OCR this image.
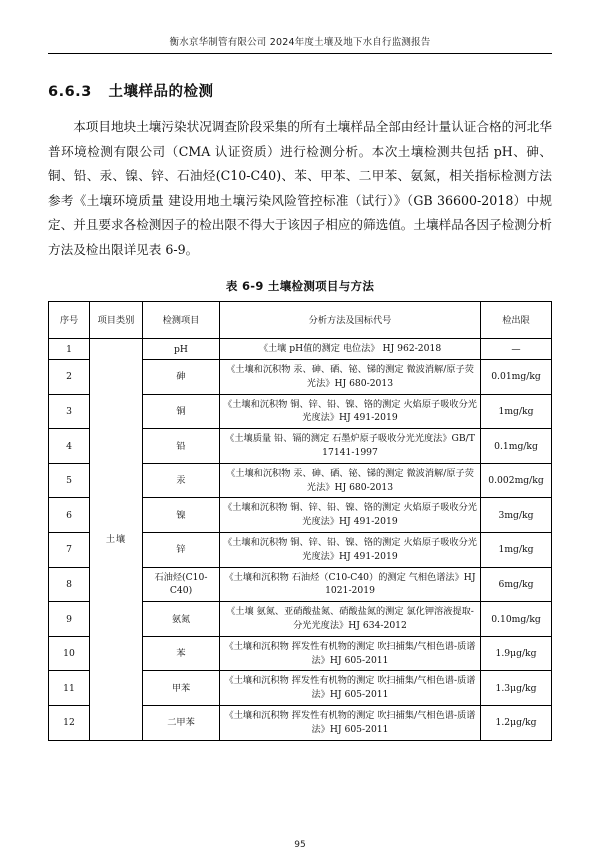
衡水京华制管有限公司 2024年度土壤及地下水自行监测报告
6.6.3 土壤样品的检测
本项目地块土壤污染状况调查阶段采集的所有土壤样品全部由经计量认证合格的河北华普环境检测有限公司（CMA 认证资质）进行检测分析。本次土壤检测共包括 pH、砷、铜、铅、汞、镍、锌、石油烃(C10-C40)、苯、甲苯、二甲苯、氨氮，相关指标检测方法参考《土壤环境质量 建设用地土壤污染风险管控标准（试行）》（GB 36600-2018）中规定、并且要求各检测因子的检出限不得大于该因子相应的筛选值。土壤样品各因子检测分析方法及检出限详见表 6-9。
表 6-9 土壤检测项目与方法
序号	项目类别	检测项目	分析方法及国标代号	检出限
1	土壤	pH	《土壤 pH值的测定 电位法》 HJ 962-2018	—
2		砷	《土壤和沉积物 汞、砷、硒、铋、锑的测定 微波消解/原子荧光法》HJ 680-2013	0.01mg/kg
3		铜	《土壤和沉积物 铜、锌、铅、镍、铬的测定 火焰原子吸收分光光度法》HJ 491-2019	1mg/kg
4		铅	《土壤质量 铅、镉的测定 石墨炉原子吸收分光光度法》GB/T 17141-1997	0.1mg/kg
5		汞	《土壤和沉积物 汞、砷、硒、铋、锑的测定 微波消解/原子荧光法》HJ 680-2013	0.002mg/kg
6		镍	《土壤和沉积物 铜、锌、铅、镍、铬的测定 火焰原子吸收分光光度法》HJ 491-2019	3mg/kg
7		锌	《土壤和沉积物 铜、锌、铅、镍、铬的测定 火焰原子吸收分光光度法》HJ 491-2019	1mg/kg
8		石油烃(C10-C40)	《土壤和沉积物 石油烃（C10-C40）的测定 气相色谱法》HJ 1021-2019	6mg/kg
9		氨氮	《土壤 氨氮、亚硝酸盐氮、硝酸盐氮的测定 氯化钾溶液提取-分光光度法》HJ 634-2012	0.10mg/kg
10		苯	《土壤和沉积物 挥发性有机物的测定 吹扫捕集/气相色谱-质谱法》HJ 605-2011	1.9μg/kg
11		甲苯	《土壤和沉积物 挥发性有机物的测定 吹扫捕集/气相色谱-质谱法》HJ 605-2011	1.3μg/kg
12		二甲苯	《土壤和沉积物 挥发性有机物的测定 吹扫捕集/气相色谱-质谱法》HJ 605-2011	1.2μg/kg
95
